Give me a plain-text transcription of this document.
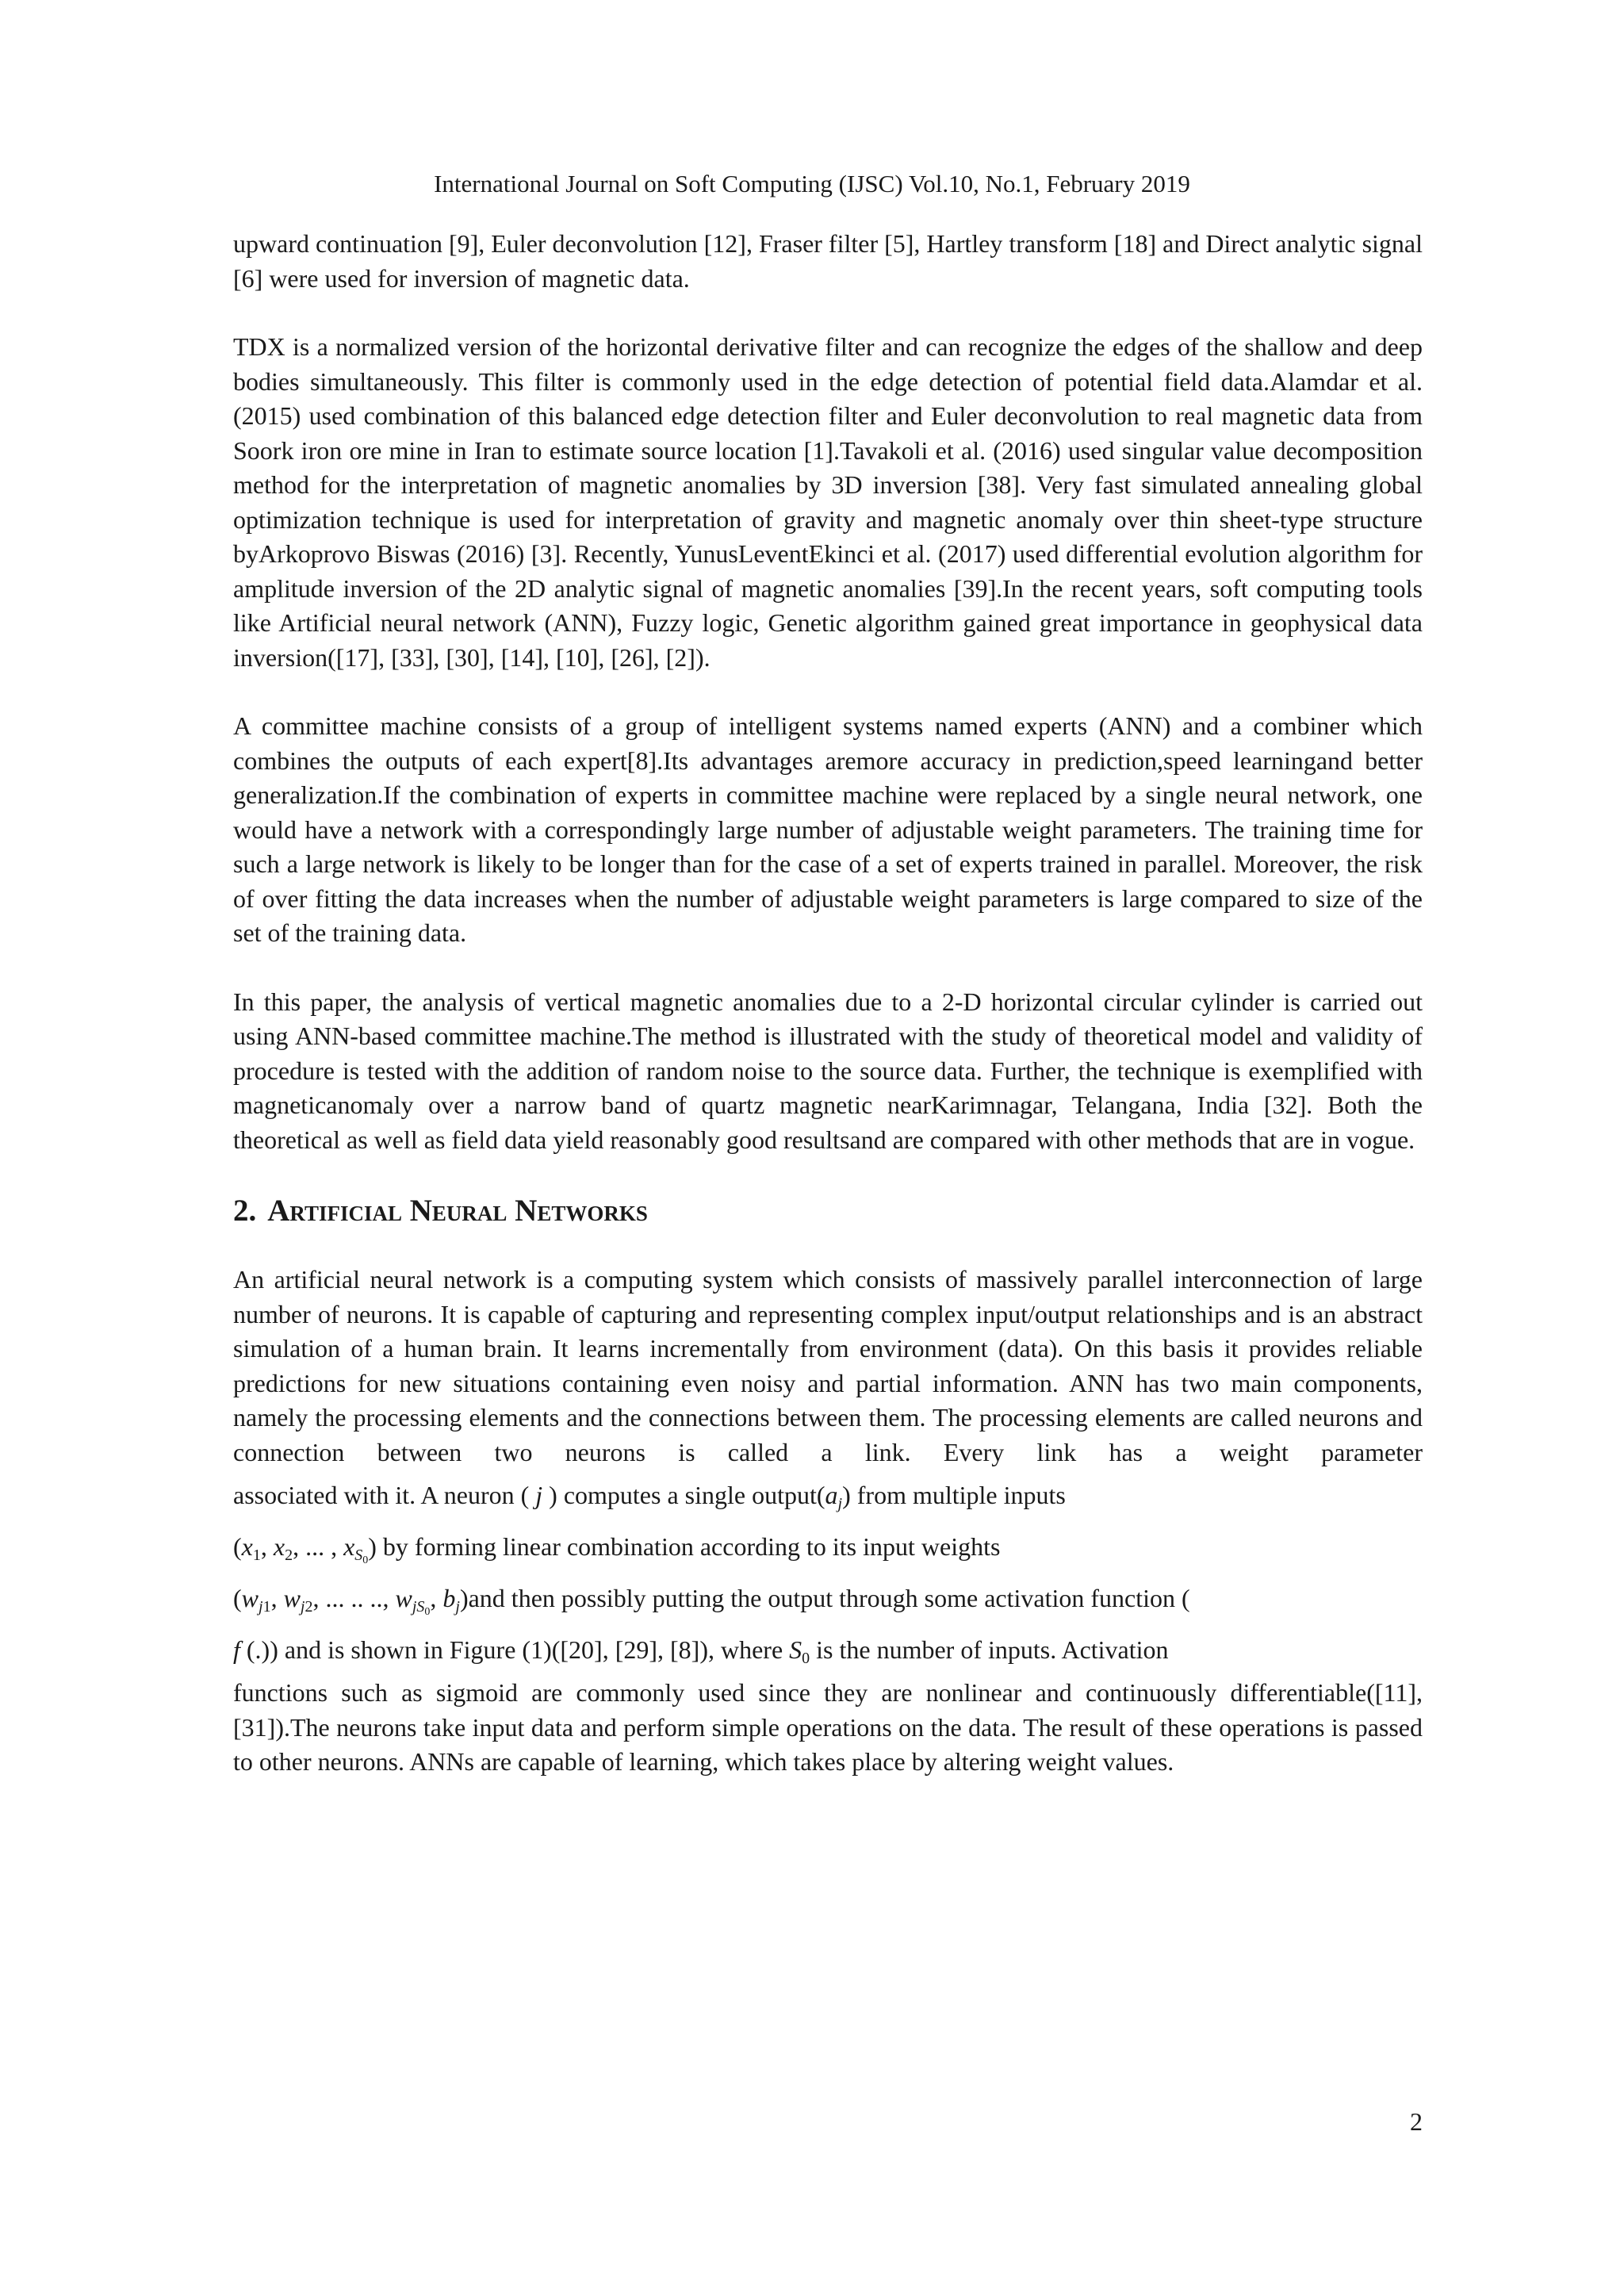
International Journal on Soft Computing (IJSC) Vol.10, No.1, February 2019

upward continuation [9], Euler deconvolution [12], Fraser filter [5], Hartley transform [18] and Direct analytic signal [6] were used for inversion of magnetic data.

TDX is a normalized version of the horizontal derivative filter and can recognize the edges of the shallow and deep bodies simultaneously. This filter is commonly used in the edge detection of potential field data.Alamdar et al. (2015) used combination of this balanced edge detection filter and Euler deconvolution to real magnetic data from Soork iron ore mine in Iran to estimate source location [1].Tavakoli et al. (2016) used singular value decomposition method for the interpretation of magnetic anomalies by 3D inversion [38]. Very fast simulated annealing global optimization technique is used for interpretation of gravity and magnetic anomaly over thin sheet-type structure byArkoprovo Biswas (2016) [3]. Recently, YunusLeventEkinci et al. (2017) used differential evolution algorithm for amplitude inversion of the 2D analytic signal of magnetic anomalies [39].In the recent years, soft computing tools like Artificial neural network (ANN), Fuzzy logic, Genetic algorithm gained great importance in geophysical data inversion([17], [33], [30], [14], [10], [26], [2]).

A committee machine consists of a group of intelligent systems named experts (ANN) and a combiner which combines the outputs of each expert[8].Its advantages aremore accuracy in prediction,speed learningand better generalization.If the combination of experts in committee machine were replaced by a single neural network, one would have a network with a correspondingly large number of adjustable weight parameters. The training time for such a large network is likely to be longer than for the case of a set of experts trained in parallel. Moreover, the risk of over fitting the data increases when the number of adjustable weight parameters is large compared to size of the set of the training data.

In this paper, the analysis of vertical magnetic anomalies due to a 2-D horizontal circular cylinder is carried out using ANN-based committee machine.The method is illustrated with the study of theoretical model and validity of procedure is tested with the addition of random noise to the source data. Further, the technique is exemplified with magneticanomaly over a narrow band of quartz magnetic nearKarimnagar, Telangana, India [32]. Both the theoretical as well as field data yield reasonably good resultsand are compared with other methods that are in vogue.

2. Artificial Neural Networks
An artificial neural network is a computing system which consists of massively parallel interconnection of large number of neurons. It is capable of capturing and representing complex input/output relationships and is an abstract simulation of a human brain. It learns incrementally from environment (data). On this basis it provides reliable predictions for new situations containing even noisy and partial information. ANN has two main components, namely the processing elements and the connections between them. The processing elements are called neurons and connection between two neurons is called a link. Every link has a weight parameter
associated with it. A neuron ( j ) computes a single $output(a_j)$ from multiple inputs
($x_1$, $x_2$, ... , $x_{S_0}$) by forming linear combination according to its input weights
($w_{j1}$, $w_{j2}$, ... .. .., $w_{jS_0}$, $b_j)and$ then possibly putting the output through some activation function (
f (.)) and is shown in Figure (1)([20], [29], [8]), where $S_0$ is the number of inputs. Activation
functions such as sigmoid are commonly used since they are nonlinear and continuously differentiable([11], [31]).The neurons take input data and perform simple operations on the data. The result of these operations is passed to other neurons. ANNs are capable of learning, which takes place by altering weight values.
2
